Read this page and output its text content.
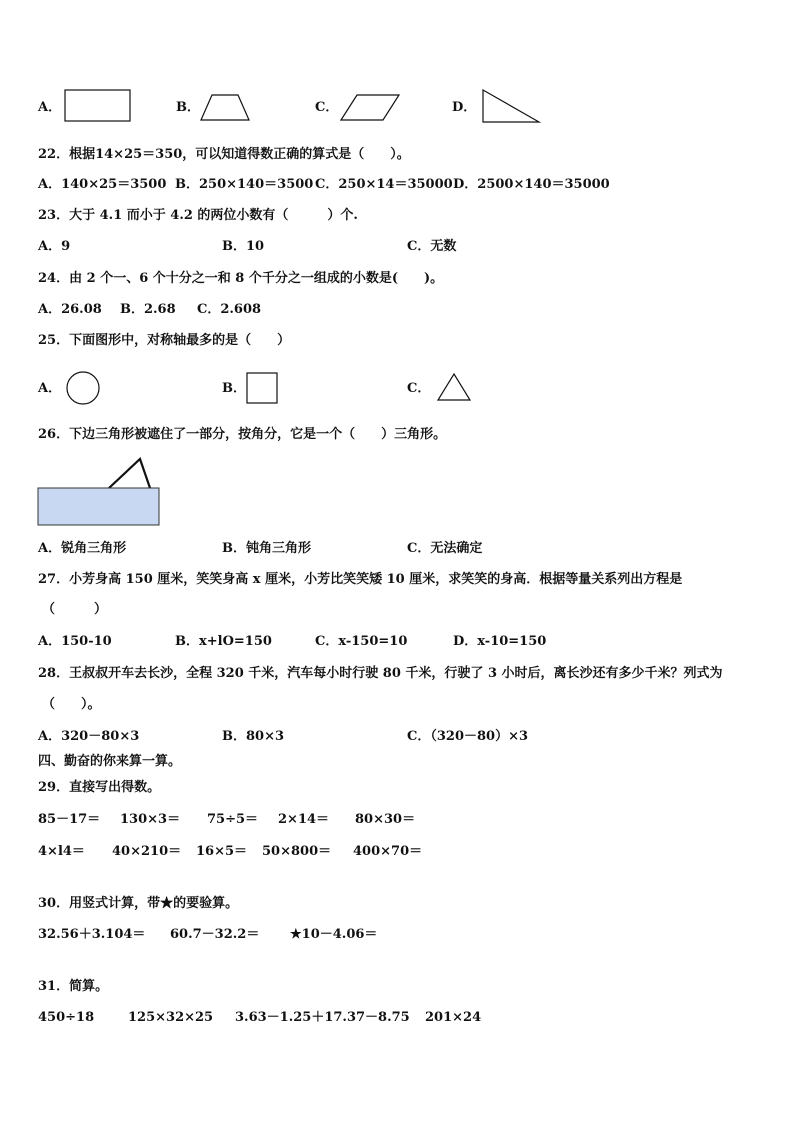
A．	B．	C．	D．
22．根据14×25＝350，可以知道得数正确的算式是（　　）。
A．140×25＝3500 B．250×140＝3500 C．250×14＝35000 D．2500×140＝35000
23．大于 4.1 而小于 4.2 的两位小数有（　　　）个.
A．9	B．10	C．无数
24．由 2 个一、6 个十分之一和 8 个千分之一组成的小数是(　　)。
A．26.08 B．2.68 C．2.608
25．下面图形中，对称轴最多的是（　　）
A．	B．	C．
26．下边三角形被遮住了一部分，按角分，它是一个（　　）三角形。
A．锐角三角形	B．钝角三角形	C．无法确定
27．小芳身高 150 厘米，笑笑身高 x 厘米，小芳比笑笑矮 10 厘米，求笑笑的身高．根据等量关系列出方程是
（　　　）
A．150-10	B．x+lO=150	C．x-150=10	D．x-10=150
28．王叔叔开车去长沙，全程 320 千米，汽车每小时行驶 80 千米，行驶了 3 小时后，离长沙还有多少千米？列式为
（　　）。
A．320－80×3	B．80×3	C．（320－80）×3
四、勤奋的你来算一算。
29．直接写出得数。
85－17＝ 130×3＝ 75÷5＝ 2×14＝ 80×30＝
4×l4＝ 40×210＝ 16×5＝ 50×800＝ 400×70＝
30．用竖式计算，带★的要验算。
32.56＋3.104＝ 60.7－32.2＝ ★10－4.06＝
31．简算。
450÷18	125×32×25 3.63－1.25＋17.37－8.75 201×24
